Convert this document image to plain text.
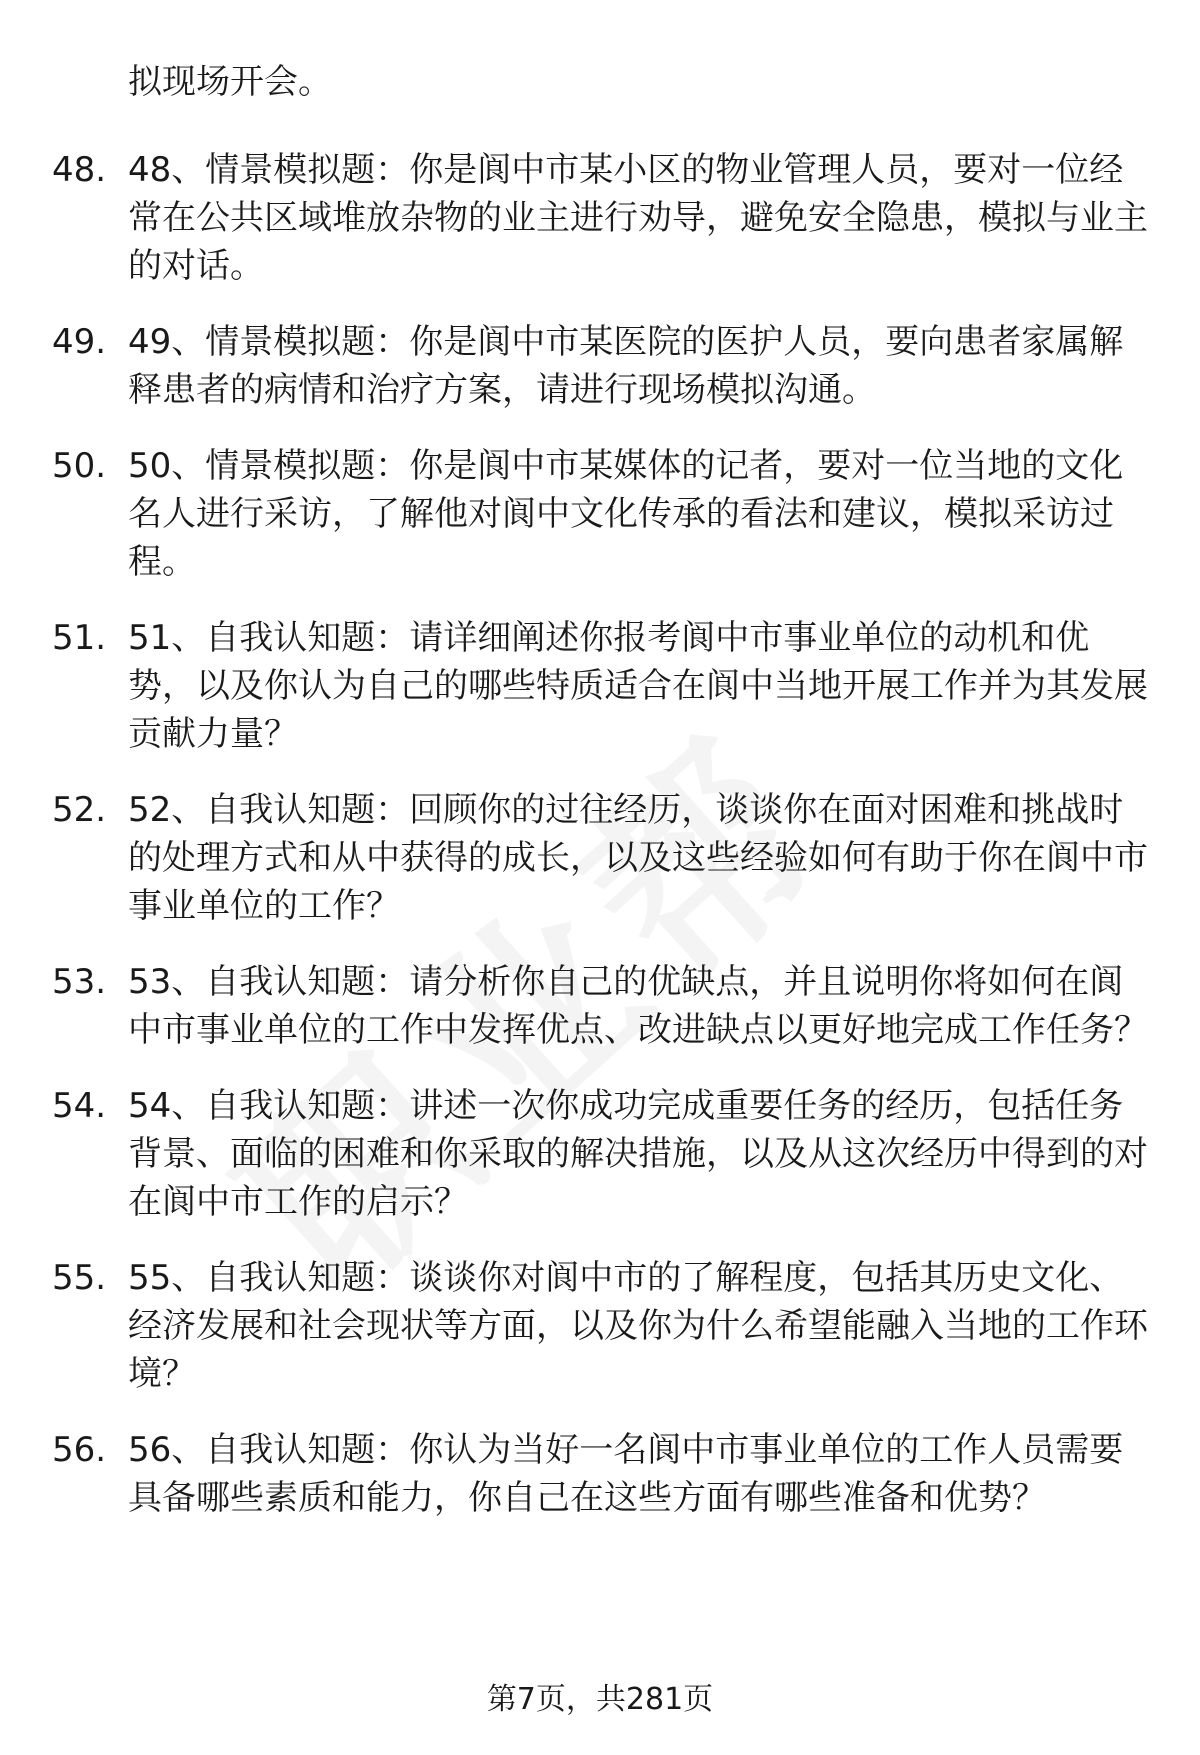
拟现场开会。
48. 48、情景模拟题：你是阆中市某小区的物业管理人员，要对一位经常在公共区域堆放杂物的业主进行劝导，避免安全隐患，模拟与业主的对话。
49. 49、情景模拟题：你是阆中市某医院的医护人员，要向患者家属解释患者的病情和治疗方案，请进行现场模拟沟通。
50. 50、情景模拟题：你是阆中市某媒体的记者，要对一位当地的文化名人进行采访，了解他对阆中文化传承的看法和建议，模拟采访过程。
51. 51、自我认知题：请详细阐述你报考阆中市事业单位的动机和优势，以及你认为自己的哪些特质适合在阆中当地开展工作并为其发展贡献力量？
52. 52、自我认知题：回顾你的过往经历，谈谈你在面对困难和挑战时的处理方式和从中获得的成长，以及这些经验如何有助于你在阆中市事业单位的工作？
53. 53、自我认知题：请分析你自己的优缺点，并且说明你将如何在阆中市事业单位的工作中发挥优点、改进缺点以更好地完成工作任务？
54. 54、自我认知题：讲述一次你成功完成重要任务的经历，包括任务背景、面临的困难和你采取的解决措施，以及从这次经历中得到的对在阆中市工作的启示？
55. 55、自我认知题：谈谈你对阆中市的了解程度，包括其历史文化、经济发展和社会现状等方面，以及你为什么希望能融入当地的工作环境？
56. 56、自我认知题：你认为当好一名阆中市事业单位的工作人员需要具备哪些素质和能力，你自己在这些方面有哪些准备和优势？
第7页，共281页
